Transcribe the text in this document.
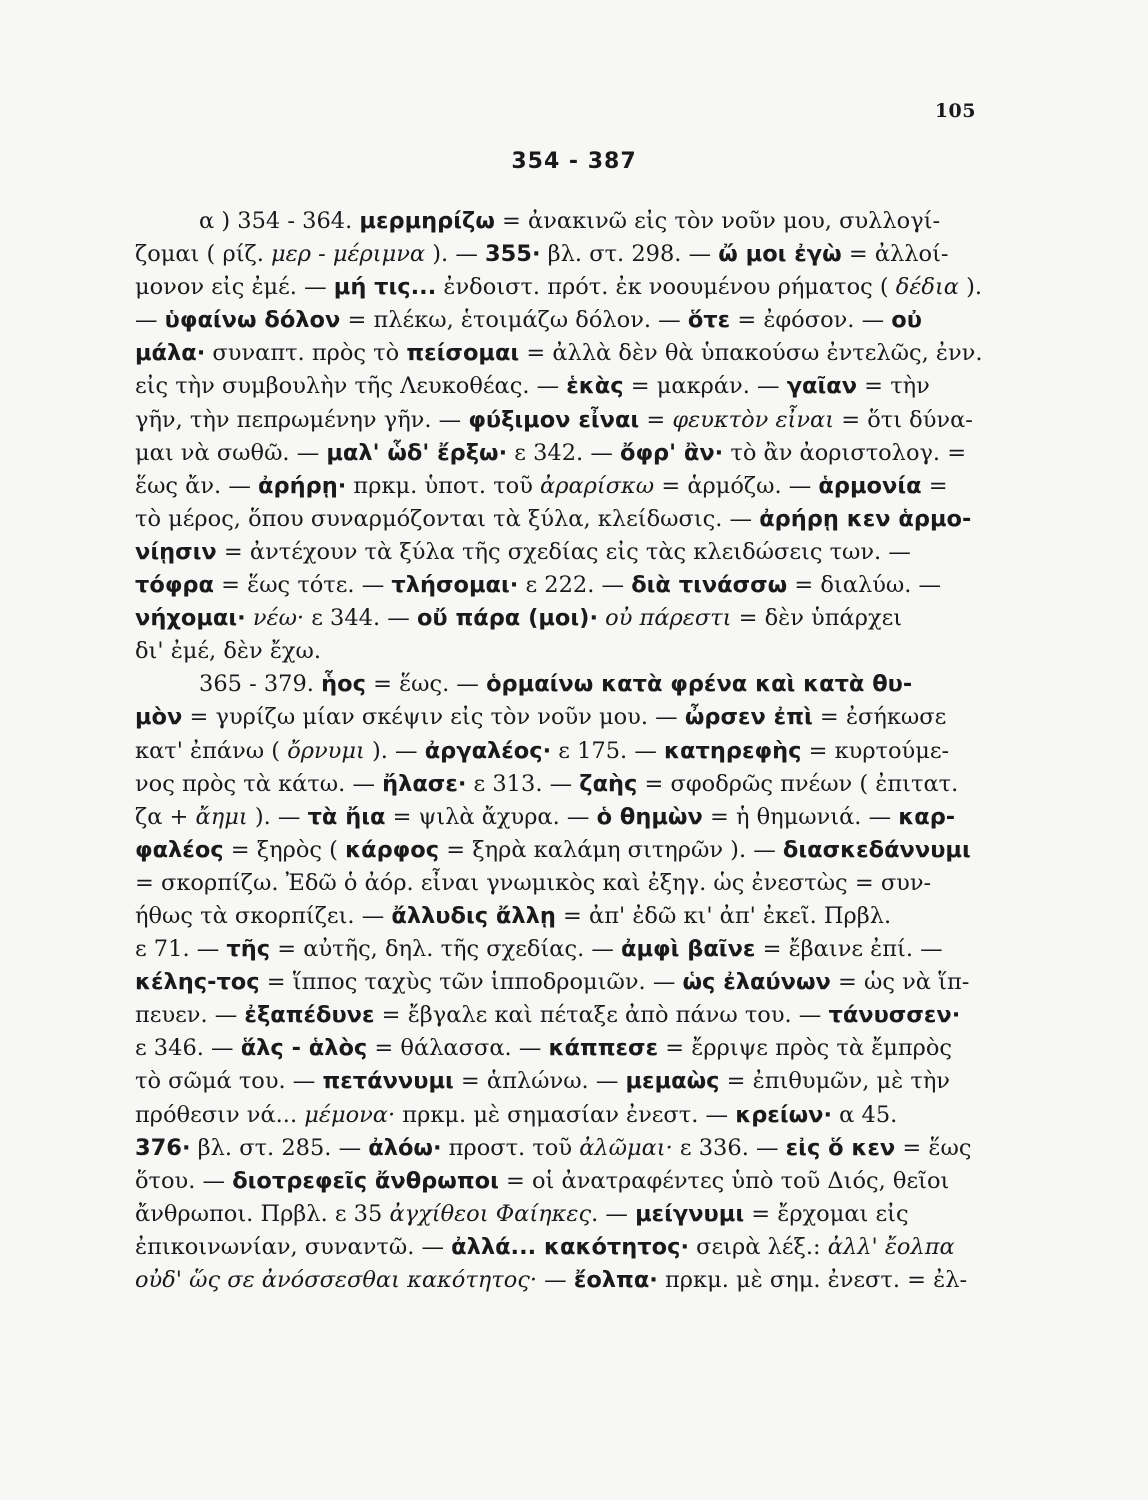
105
354 - 387
α ) 354 - 364. μερμηρίζω = ἀνακινῶ εἰς τὸν νοῦν μου, συλλογί-
ζομαι ( ρίζ. μερ - μέριμνα ). — 355· βλ. στ. 298. — ὤ μοι ἐγὼ = ἀλλοί-
μονον εἰς ἐμέ. — μή τις... ἐνδοιστ. πρότ. ἐκ νοουμένου ρήματος ( δέδια ).
— ὑφαίνω δόλον = πλέκω, ἑτοιμάζω δόλον. — ὅτε = ἐφόσον. — οὐ
μάλα· συναπτ. πρὸς τὸ πείσομαι = ἀλλὰ δὲν θὰ ὑπακούσω ἐντελῶς, ἐνν.
εἰς τὴν συμβουλὴν τῆς Λευκοθέας. — ἑκὰς = μακράν. — γαῖαν = τὴν
γῆν, τὴν πεπρωμένην γῆν. — φύξιμον εἶναι = φευκτὸν εἶναι = ὅτι δύνα-
μαι νὰ σωθῶ. — μαλ' ὧδ' ἔρξω· ε 342. — ὄφρ' ἂν· τὸ ἂν ἀοριστολογ. =
ἕως ἄν. — ἀρήρῃ· πρκμ. ὑποτ. τοῦ ἀραρίσκω = ἁρμόζω. — ἁρμονία =
τὸ μέρος, ὅπου συναρμόζονται τὰ ξύλα, κλείδωσις. — ἀρήρῃ κεν ἁρμο-
νίῃσιν = ἀντέχουν τὰ ξύλα τῆς σχεδίας εἰς τὰς κλειδώσεις των. —
τόφρα = ἕως τότε. — τλήσομαι· ε 222. — διὰ τινάσσω = διαλύω. —
νήχομαι· νέω· ε 344. — οὔ πάρα (μοι)· οὐ πάρεστι = δὲν ὑπάρχει
δι' ἐμέ, δὲν ἔχω.
365 - 379. ἧος = ἕως. — ὁρμαίνω κατὰ φρένα καὶ κατὰ θυ-
μὸν = γυρίζω μίαν σκέψιν εἰς τὸν νοῦν μου. — ὦρσεν ἐπὶ = ἐσήκωσε
κατ' ἐπάνω ( ὄρνυμι ). — ἀργαλέος· ε 175. — κατηρεφὴς = κυρτούμε-
νος πρὸς τὰ κάτω. — ἤλασε· ε 313. — ζαὴς = σφοδρῶς πνέων ( ἐπιτατ.
ζα + ἄημι ). — τὰ ἤια = ψιλὰ ἄχυρα. — ὁ θημὼν = ἡ θημωνιά. — καρ-
φαλέος = ξηρὸς ( κάρφος = ξηρὰ καλάμη σιτηρῶν ). — διασκεδάννυμι
= σκορπίζω. Ἐδῶ ὁ ἀόρ. εἶναι γνωμικὸς καὶ ἐξηγ. ὡς ἐνεστὼς = συν-
ήθως τὰ σκορπίζει. — ἄλλυδις ἄλλῃ = ἀπ' ἐδῶ κι' ἀπ' ἐκεῖ. Πρβλ.
ε 71. — τῆς = αὐτῆς, δηλ. τῆς σχεδίας. — ἀμφὶ βαῖνε = ἔβαινε ἐπί. —
κέλης-τος = ἵππος ταχὺς τῶν ἱπποδρομιῶν. — ὡς ἐλαύνων = ὡς νὰ ἵπ-
πευεν. — ἐξαπέδυνε = ἔβγαλε καὶ πέταξε ἀπὸ πάνω του. — τάνυσσεν·
ε 346. — ἅλς - ἁλὸς = θάλασσα. — κάππεσε = ἔρριψε πρὸς τὰ ἔμπρὸς
τὸ σῶμά του. — πετάννυμι = ἁπλώνω. — μεμαὼς = ἐπιθυμῶν, μὲ τὴν
πρόθεσιν νά... μέμονα· πρκμ. μὲ σημασίαν ἐνεστ. — κρείων· α 45.
376· βλ. στ. 285. — ἀλόω· προστ. τοῦ ἀλῶμαι· ε 336. — εἰς ὅ κεν = ἕως
ὅτου. — διοτρεφεῖς ἄνθρωποι = οἱ ἀνατραφέντες ὑπὸ τοῦ Διός, θεῖοι
ἄνθρωποι. Πρβλ. ε 35 ἀγχίθεοι Φαίηκες. — μείγνυμι = ἔρχομαι εἰς
ἐπικοινωνίαν, συναντῶ. — ἀλλά... κακότητος· σειρὰ λέξ.: ἀλλ' ἔολπα
οὐδ' ὥς σε ἀνόσσεσθαι κακότητος· — ἔολπα· πρκμ. μὲ σημ. ἐνεστ. = ἐλ-
